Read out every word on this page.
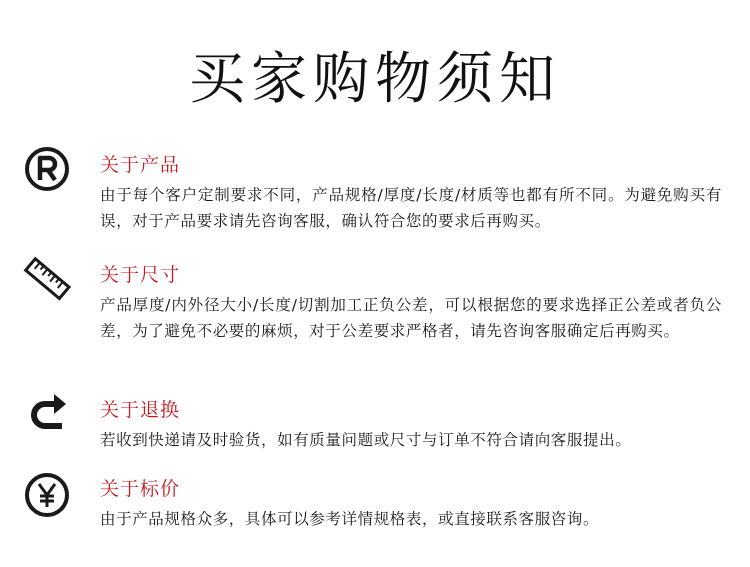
买家购物须知
关于产品
由于每个客户定制要求不同，产品规格/厚度/长度/材质等也都有所不同。为避免购买有误，对于产品要求请先咨询客服，确认符合您的要求后再购买。
关于尺寸
产品厚度/内外径大小/长度/切割加工正负公差，可以根据您的要求选择正公差或者负公差，为了避免不必要的麻烦，对于公差要求严格者，请先咨询客服确定后再购买。
关于退换
若收到快递请及时验货，如有质量问题或尺寸与订单不符合请向客服提出。
关于标价
由于产品规格众多，具体可以参考详情规格表，或直接联系客服咨询。
